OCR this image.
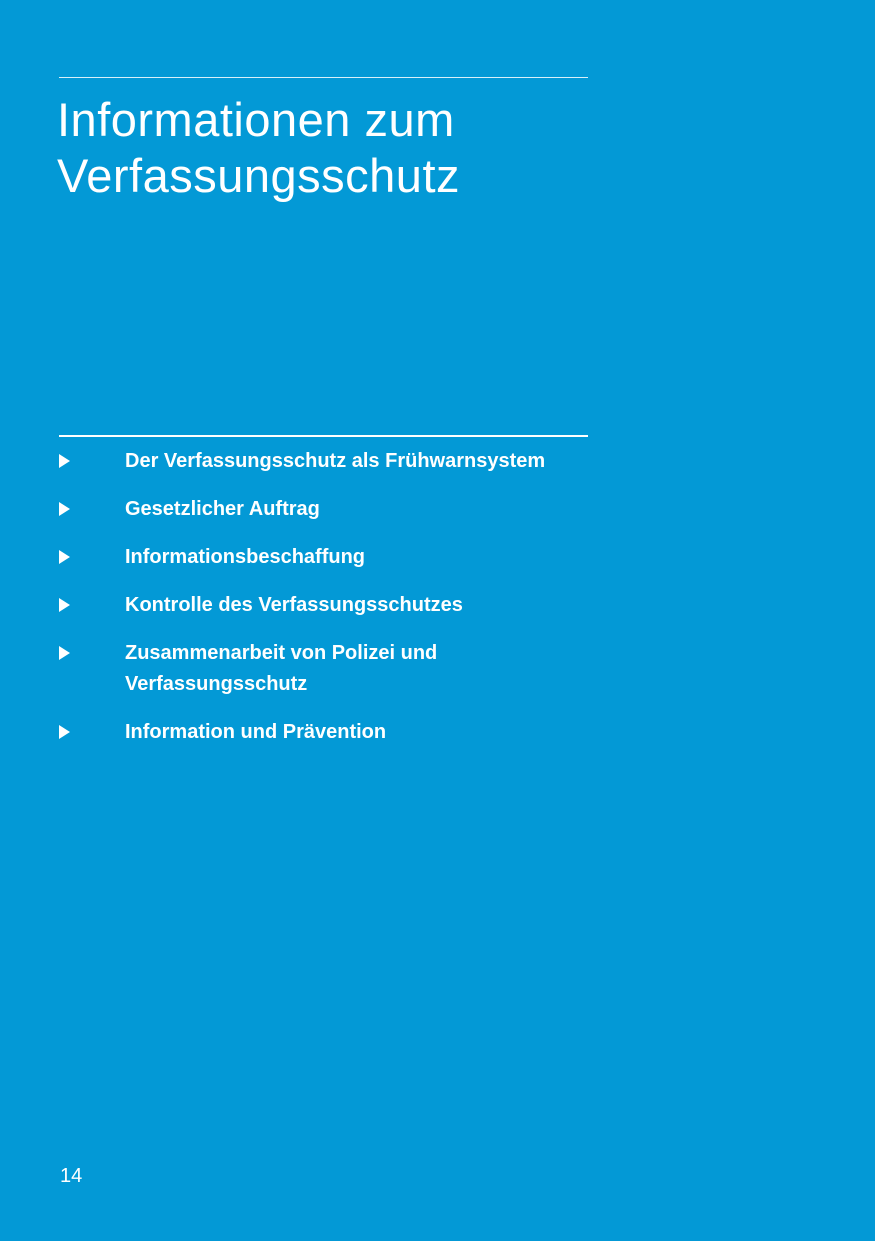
Informationen zum
Verfassungsschutz
Der Verfassungsschutz als Frühwarnsystem
Gesetzlicher Auftrag
Informationsbeschaffung
Kontrolle des Verfassungsschutzes
Zusammenarbeit von Polizei und Verfassungsschutz
Information und Prävention
14
